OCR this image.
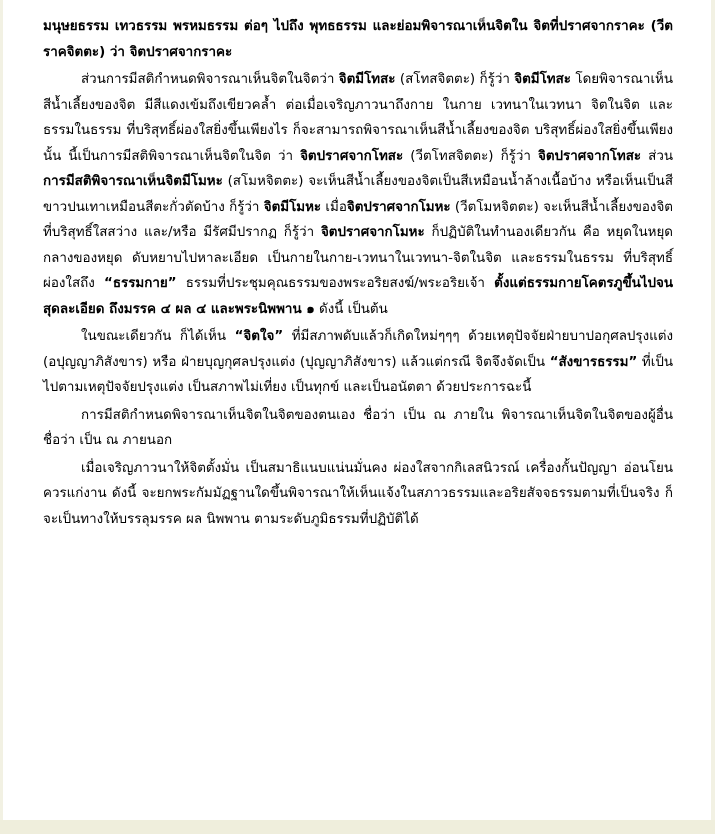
มนุษยธรรม เทวธรรม พรหมธรรม ต่อๆ ไปถึง พุทธธรรม และย่อมพิจารณาเห็นจิตใน จิตที่ปราศจากราคะ (วีตราคจิตตะ) ว่า จิตปราศจากราคะ

ส่วนการมีสติกำหนดพิจารณาเห็นจิตในจิตว่า จิตมีโทสะ (สโทสจิตตะ) ก็รู้ว่า จิตมีโทสะ โดยพิจารณาเห็นสีน้ำเลี้ยงของจิต มีสีแดงเข้มถึงเขียวคล้ำ ต่อเมื่อเจริญภาวนาถึงกาย ในกาย เวทนาในเวทนา จิตในจิต และธรรมในธรรม ที่บริสุทธิ์ผ่องใสยิ่งขึ้นเพียงไร ก็จะสามารถพิจารณาเห็นสีน้ำเลี้ยงของจิต บริสุทธิ์ผ่องใสยิ่งขึ้นเพียงนั้น นี้เป็นการมีสติพิจารณาเห็นจิตในจิต ว่า จิตปราศจากโทสะ (วีตโทสจิตตะ) ก็รู้ว่า จิตปราศจากโทสะ ส่วนการมีสติพิจารณาเห็นจิตมีโมหะ (สโมหจิตตะ) จะเห็นสีน้ำเลี้ยงของจิตเป็นสีเหมือนน้ำล้างเนื้อบ้าง หรือเห็นเป็นสีขาวปนเทาเหมือนสีตะกั่วตัดบ้าง ก็รู้ว่า จิตมีโมหะ เมื่อจิตปราศจากโมหะ (วีตโมหจิตตะ) จะเห็นสีน้ำเลี้ยงของจิตที่บริสุทธิ์ใสสว่าง และ/หรือ มีรัศมีปรากฏ ก็รู้ว่า จิตปราศจากโมหะ ก็ปฏิบัติในทำนองเดียวกัน คือ หยุดในหยุดกลางของหยุด ดับหยาบไปหาละเอียด เป็นกายในกาย-เวทนาในเวทนา-จิตในจิต และธรรมในธรรม ที่บริสุทธิ์ผ่องใสถึง “ธรรมกาย” ธรรมที่ประชุมคุณธรรมของพระอริยสงฆ์/พระอริยเจ้า ตั้งแต่ธรรมกายโคตรภูขึ้นไปจนสุดละเอียด ถึงมรรค ๔ ผล ๔ และพระนิพพาน ๑ ดังนี้ เป็นต้น

ในขณะเดียวกัน ก็ได้เห็น “จิตใจ” ที่มีสภาพดับแล้วก็เกิดใหม่ๆๆๆ ด้วยเหตุปัจจัยฝ่ายบาปอกุศลปรุงแต่ง (อปุญญาภิสังขาร) หรือ ฝ่ายบุญกุศลปรุงแต่ง (ปุญญาภิสังขาร) แล้วแต่กรณี จิตจึงจัดเป็น “สังขารธรรม” ที่เป็นไปตามเหตุปัจจัยปรุงแต่ง เป็นสภาพไม่เที่ยง เป็นทุกข์ และเป็นอนัตตา ด้วยประการฉะนี้

การมีสติกำหนดพิจารณาเห็นจิตในจิตของตนเอง ชื่อว่า เป็น ณ ภายใน พิจารณาเห็นจิตในจิตของผู้อื่น ชื่อว่า เป็น ณ ภายนอก

เมื่อเจริญภาวนาให้จิตตั้งมั่น เป็นสมาธิแนบแน่นมั่นคง ผ่องใสจากกิเลสนิวรณ์ เครื่องกั้นปัญญา อ่อนโยนควรแก่งาน ดังนี้ จะยกพระกัมมัฏฐานใดขึ้นพิจารณาให้เห็นแจ้งในสภาวธรรมและอริยสัจจธรรมตามที่เป็นจริง ก็จะเป็นทางให้บรรลุมรรค ผล นิพพาน ตามระดับภูมิธรรมที่ปฏิบัติได้
